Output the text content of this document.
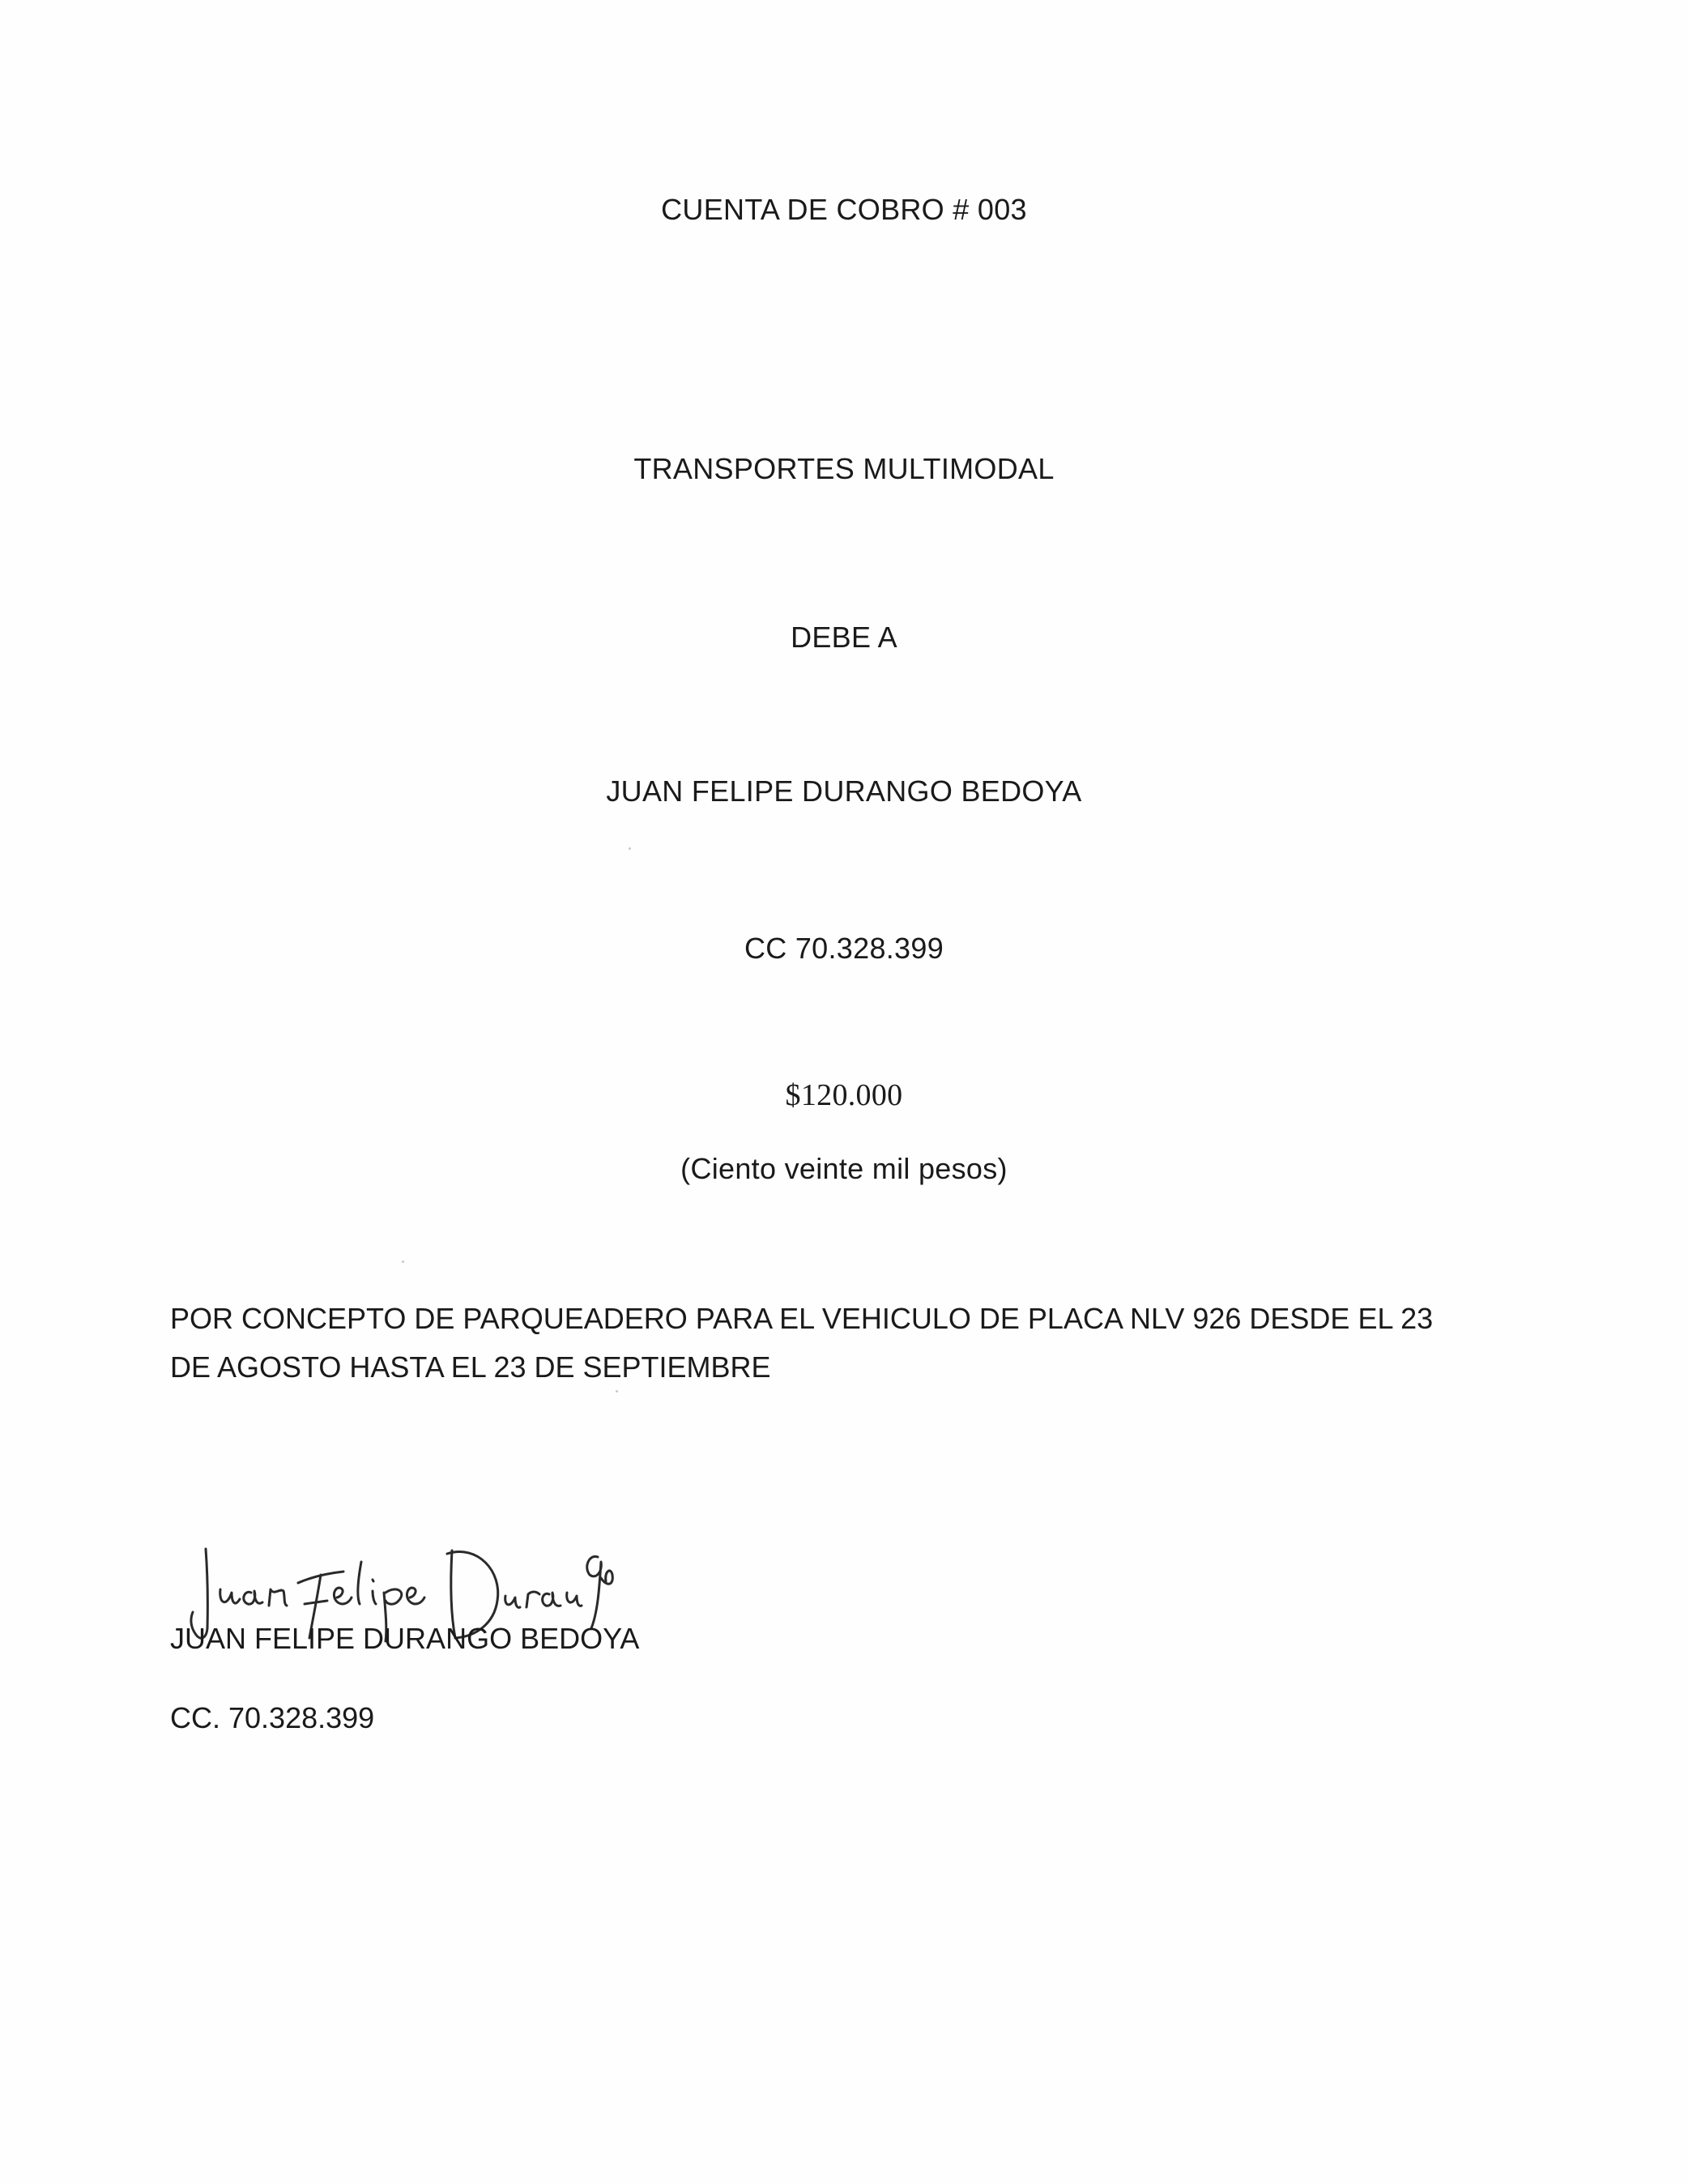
CUENTA DE COBRO # 003
TRANSPORTES MULTIMODAL
DEBE A
JUAN FELIPE DURANGO BEDOYA
CC 70.328.399
$120.000
(Ciento veinte mil pesos)
POR CONCEPTO DE PARQUEADERO PARA EL VEHICULO DE PLACA NLV 926 DESDE EL 23 DE AGOSTO HASTA EL 23 DE SEPTIEMBRE
JUAN FELIPE DURANGO BEDOYA
CC. 70.328.399
